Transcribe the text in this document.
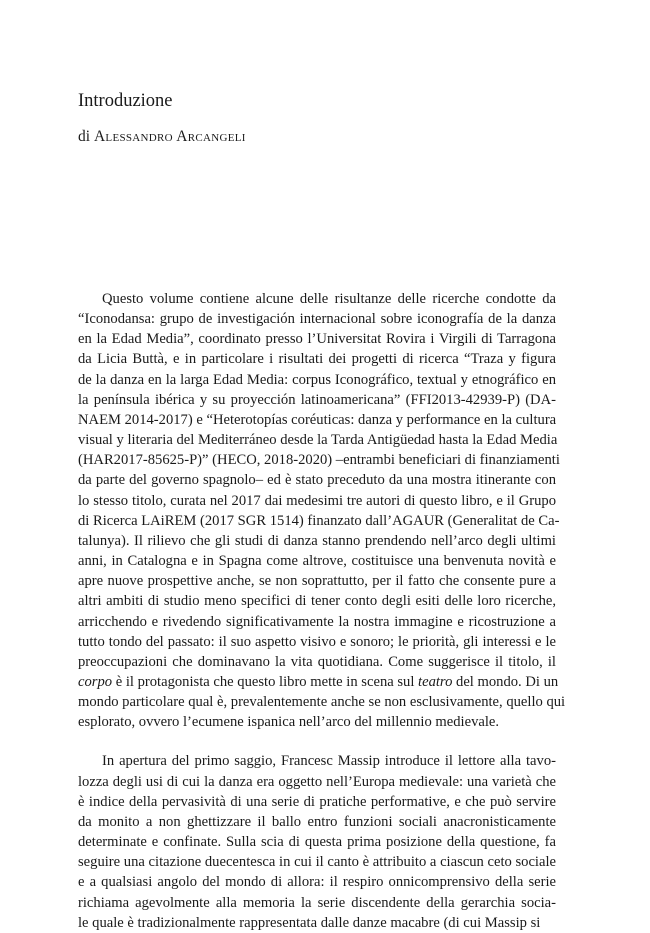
Introduzione
di Alessandro Arcangeli

Questo volume contiene alcune delle risultanze delle ricerche condotte da
“Iconodansa: grupo de investigación internacional sobre iconografía de la danza
en la Edad Media”, coordinato presso l’Universitat Rovira i Virgili di Tarragona
da Licia Buttà, e in particolare i risultati dei progetti di ricerca “Traza y figura
de la danza en la larga Edad Media: corpus Iconográfico, textual y etnográfico en
la península ibérica y su proyección latinoamericana” (FFI2013-42939-P) (DA-
NAEM 2014-2017) e “Heterotopías coréuticas: danza y performance en la cultura
visual y literaria del Mediterráneo desde la Tarda Antigüedad hasta la Edad Media
(HAR2017-85625-P)” (HECO, 2018-2020) –entrambi beneficiari di finanziamenti
da parte del governo spagnolo– ed è stato preceduto da una mostra itinerante con
lo stesso titolo, curata nel 2017 dai medesimi tre autori di questo libro, e il Grupo
di Ricerca LAiREM (2017 SGR 1514) finanzato dall’AGAUR (Generalitat de Ca-
talunya). Il rilievo che gli studi di danza stanno prendendo nell’arco degli ultimi
anni, in Catalogna e in Spagna come altrove, costituisce una benvenuta novità e
apre nuove prospettive anche, se non soprattutto, per il fatto che consente pure a
altri ambiti di studio meno specifici di tener conto degli esiti delle loro ricerche,
arricchendo e rivedendo significativamente la nostra immagine e ricostruzione a
tutto tondo del passato: il suo aspetto visivo e sonoro; le priorità, gli interessi e le
preoccupazioni che dominavano la vita quotidiana. Come suggerisce il titolo, il
corpo è il protagonista che questo libro mette in scena sul teatro del mondo. Di un
mondo particolare qual è, prevalentemente anche se non esclusivamente, quello qui
esplorato, ovvero l’ecumene ispanica nell’arco del millennio medievale.

In apertura del primo saggio, Francesc Massip introduce il lettore alla tavo-
lozza degli usi di cui la danza era oggetto nell’Europa medievale: una varietà che
è indice della pervasività di una serie di pratiche performative, e che può servire
da monito a non ghettizzare il ballo entro funzioni sociali anacronisticamente
determinate e confinate. Sulla scia di questa prima posizione della questione, fa
seguire una citazione duecentesca in cui il canto è attribuito a ciascun ceto sociale
e a qualsiasi angolo del mondo di allora: il respiro onnicomprensivo della serie
richiama agevolmente alla memoria la serie discendente della gerarchia socia-
le quale è tradizionalmente rappresentata dalle danze macabre (di cui Massip si
